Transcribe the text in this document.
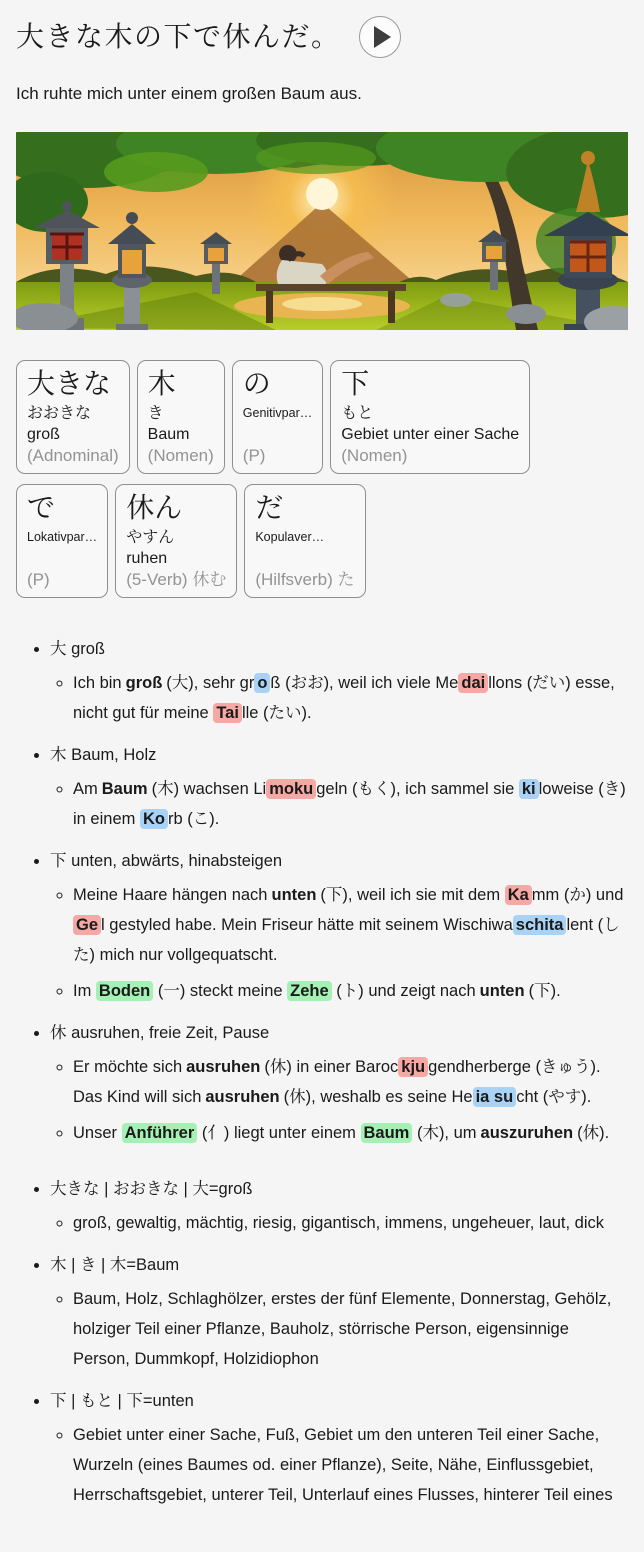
大きな木の下で休んだ。

Ich ruhte mich unter einem großen Baum aus.

大きな
おおきな
groß
(Adnominal)
木
き
Baum
(Nomen)
の
Genitivpar…
(P)
下
もと
Gebiet unter einer Sache
(Nomen)
で
Lokativpar…
(P)
休ん
やすん
ruhen
(5-Verb) 休む
だ
Kopulaver…
(Hilfsverb) た
• 大 groß
◦ Ich bin groß (大), sehr gr o ß (おお), weil ich viele Me dai llons (だい) esse, nicht gut für meine Tai lle (たい).
• 木 Baum, Holz
◦ Am Baum (木) wachsen Li moku geln (もく), ich sammel sie ki loweise (き) in einem Ko rb (こ).
• 下 unten, abwärts, hinabsteigen
◦ Meine Haare hängen nach unten (下), weil ich sie mit dem Ka mm (か) und Ge l gestyled habe. Mein Friseur hätte mit seinem Wischiwa schita lent (した) mich nur vollgequatscht.
◦ Im Boden (一) steckt meine Zehe (ト) und zeigt nach unten (下).
• 休 ausruhen, freie Zeit, Pause
◦ Er möchte sich ausruhen (休) in einer Baroc kju gendherberge (きゅう). Das Kind will sich ausruhen (休), weshalb es seine He ia su cht (やす).
◦ Unser Anführer (亻) liegt unter einem Baum (木), um auszuruhen (休).
• 大きな | おおきな | 大=groß
◦ groß, gewaltig, mächtig, riesig, gigantisch, immens, ungeheuer, laut, dick
• 木 | き | 木=Baum
◦ Baum, Holz, Schlaghölzer, erstes der fünf Elemente, Donnerstag, Gehölz, holziger Teil einer Pflanze, Bauholz, störrische Person, eigensinnige Person, Dummkopf, Holzidiophon
• 下 | もと | 下=unten
◦ Gebiet unter einer Sache, Fuß, Gebiet um den unteren Teil einer Sache, Wurzeln (eines Baumes od. einer Pflanze), Seite, Nähe, Einflussgebiet, Herrschaftsgebiet, unterer Teil, Unterlauf eines Flusses, hinterer Teil eines
